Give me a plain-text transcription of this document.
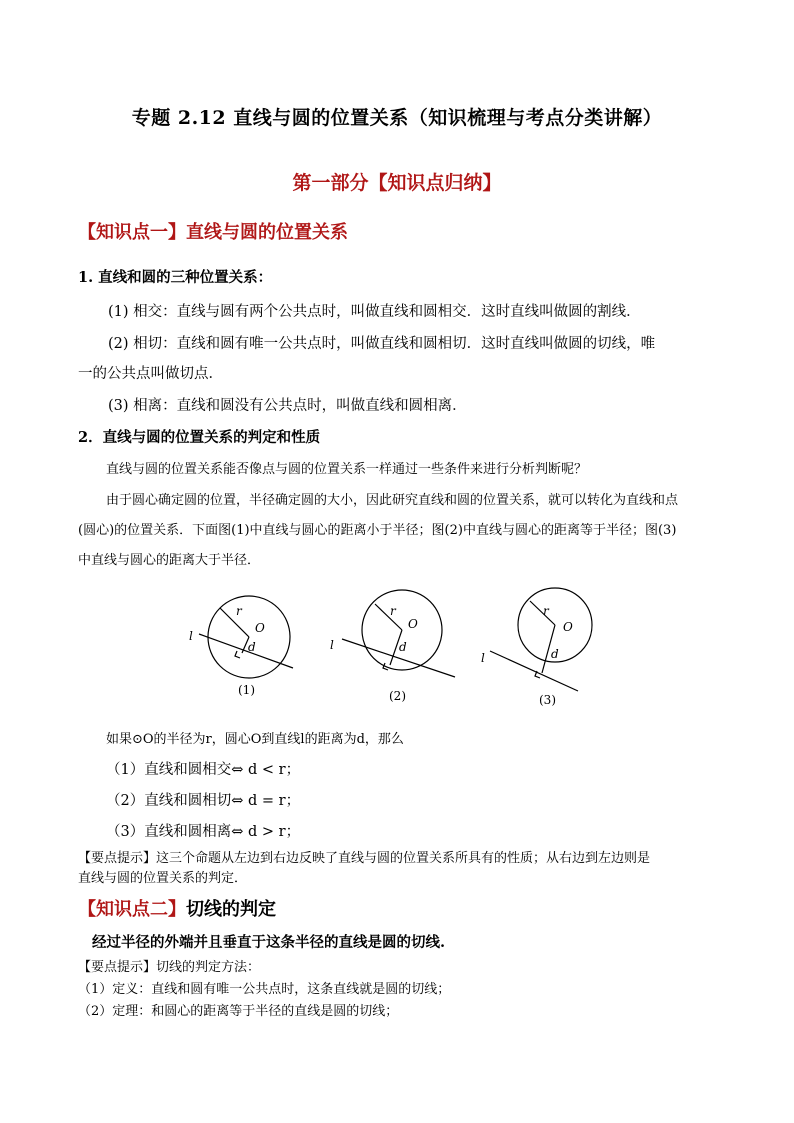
专题 2.12 直线与圆的位置关系（知识梳理与考点分类讲解）
第一部分【知识点归纳】
【知识点一】直线与圆的位置关系
1. 直线和圆的三种位置关系：
(1) 相交：直线与圆有两个公共点时，叫做直线和圆相交．这时直线叫做圆的割线．
(2) 相切：直线和圆有唯一公共点时，叫做直线和圆相切．这时直线叫做圆的切线，唯
一的公共点叫做切点．
(3) 相离：直线和圆没有公共点时，叫做直线和圆相离．
2．直线与圆的位置关系的判定和性质
直线与圆的位置关系能否像点与圆的位置关系一样通过一些条件来进行分析判断呢？
由于圆心确定圆的位置，半径确定圆的大小，因此研究直线和圆的位置关系，就可以转化为直线和点
(圆心)的位置关系．下面图(1)中直线与圆心的距离小于半径；图(2)中直线与圆心的距离等于半径；图(3)
中直线与圆心的距离大于半径．
r
O
d
l
r
O
d
l
r
O
d
l
(1)	(2)	(3)
如果⊙O的半径为r，圆心O到直线l的距离为d，那么
（1）直线和圆相交⇔ d < r；
（2）直线和圆相切⇔ d = r；
（3）直线和圆相离⇔ d > r；
【要点提示】这三个命题从左边到右边反映了直线与圆的位置关系所具有的性质；从右边到左边则是
直线与圆的位置关系的判定．
【知识点二】切线的判定
经过半径的外端并且垂直于这条半径的直线是圆的切线.
【要点提示】切线的判定方法：
（1）定义：直线和圆有唯一公共点时，这条直线就是圆的切线；
（2）定理：和圆心的距离等于半径的直线是圆的切线；
